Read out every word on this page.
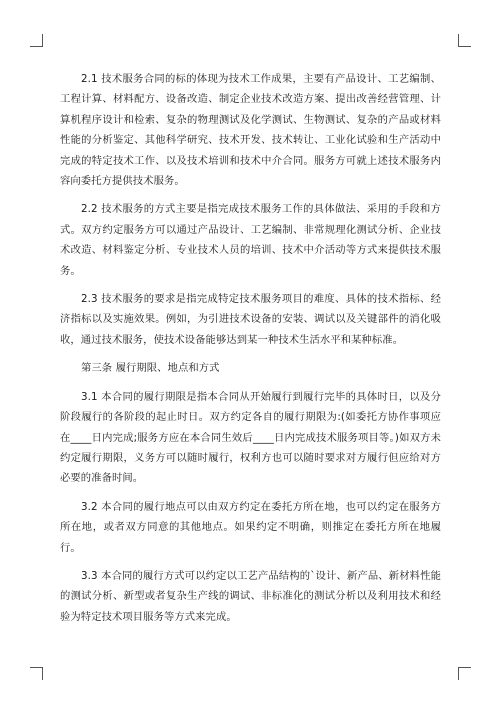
2.1 技术服务合同的标的体现为技术工作成果，主要有产品设计、工艺编制、工程计算、材料配方、设备改造、制定企业技术改造方案、提出改善经营管理、计算机程序设计和检索、复杂的物理测试及化学测试、生物测试、复杂的产品或材料性能的分析鉴定、其他科学研究、技术开发、技术转让、工业化试验和生产活动中完成的特定技术工作、以及技术培训和技术中介合同。服务方可就上述技术服务内容向委托方提供技术服务。

2.2 技术服务的方式主要是指完成技术服务工作的具体做法、采用的手段和方式。双方约定服务方可以通过产品设计、工艺编制、非常规理化测试分析、企业技术改造、材料鉴定分析、专业技术人员的培训、技术中介活动等方式来提供技术服务。

2.3 技术服务的要求是指完成特定技术服务项目的难度、具体的技术指标、经济指标以及实施效果。例如，为引进技术设备的安装、调试以及关键部件的消化吸收，通过技术服务，使技术设备能够达到某一种技术生活水平和某种标准。

第三条 履行期限、地点和方式

3.1 本合同的履行期限是指本合同从开始履行到履行完毕的具体时日，以及分阶段履行的各阶段的起止时日。双方约定各自的履行期限为:(如委托方协作事项应在____日内完成;服务方应在本合同生效后____日内完成技术服务项目等。)如双方未约定履行期限，义务方可以随时履行，权利方也可以随时要求对方履行但应给对方必要的准备时间。

3.2 本合同的履行地点可以由双方约定在委托方所在地，也可以约定在服务方所在地，或者双方同意的其他地点。如果约定不明确，则推定在委托方所在地履行。

3.3 本合同的履行方式可以约定以工艺产品结构的`设计、新产品、新材料性能的测试分析、新型或者复杂生产线的调试、非标准化的测试分析以及利用技术和经验为特定技术项目服务等方式来完成。
